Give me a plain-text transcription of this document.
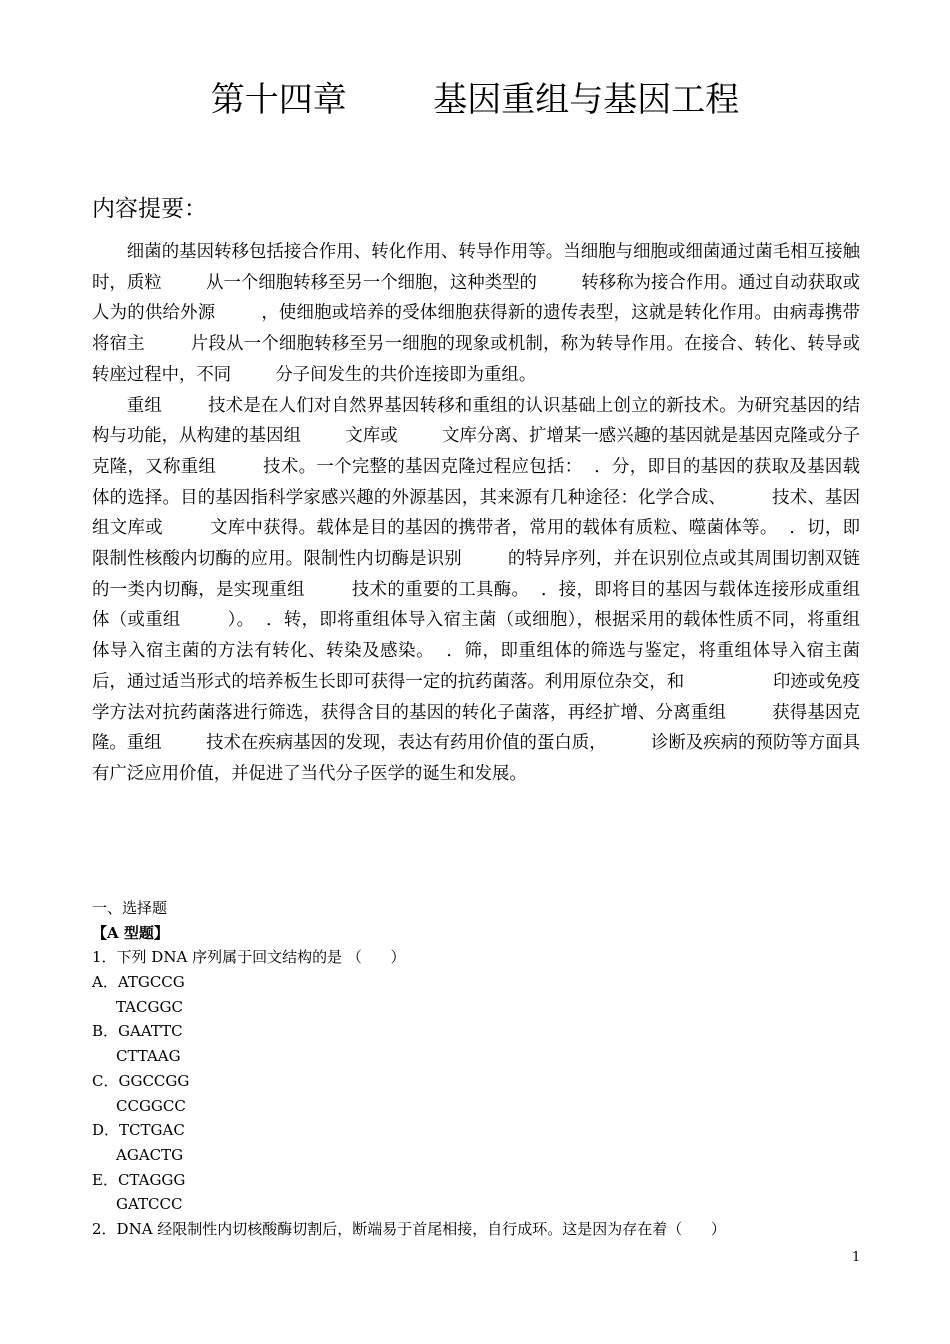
第十四章        基因重组与基因工程
内容提要：

细菌的基因转移包括接合作用、转化作用、转导作用等。当细胞与细胞或细菌通过菌毛相互接触时，质粒        从一个细胞转移至另一个细胞，这种类型的        转移称为接合作用。通过自动获取或人为的供给外源        ，使细胞或培养的受体细胞获得新的遗传表型，这就是转化作用。由病毒携带将宿主        片段从一个细胞转移至另一细胞的现象或机制，称为转导作用。在接合、转化、转导或转座过程中，不同        分子间发生的共价连接即为重组。

重组        技术是在人们对自然界基因转移和重组的认识基础上创立的新技术。为研究基因的结构与功能，从构建的基因组        文库或        文库分离、扩增某一感兴趣的基因就是基因克隆或分子克隆，又称重组        技术。一个完整的基因克隆过程应包括：  ．分，即目的基因的获取及基因载体的选择。目的基因指科学家感兴趣的外源基因，其来源有几种途径：化学合成、        技术、基因组文库或        文库中获得。载体是目的基因的携带者，常用的载体有质粒、噬菌体等。  ．切，即限制性核酸内切酶的应用。限制性内切酶是识别        的特异序列，并在识别位点或其周围切割双链        的一类内切酶，是实现重组        技术的重要的工具酶。  ．接，即将目的基因与载体连接形成重组体（或重组        ）。  ．转，即将重组体导入宿主菌（或细胞），根据采用的载体性质不同，将重组体导入宿主菌的方法有转化、转染及感染。  ．筛，即重组体的筛选与鉴定，将重组体导入宿主菌后，通过适当形式的培养板生长即可获得一定的抗药菌落。利用原位杂交，和                印迹或免疫学方法对抗药菌落进行筛选，获得含目的基因的转化子菌落，再经扩增、分离重组        获得基因克隆。重组        技术在疾病基因的发现，表达有药用价值的蛋白质，        诊断及疾病的预防等方面具有广泛应用价值，并促进了当代分子医学的诞生和发展。

一、选择题
【A 型题】
1．下列 DNA 序列属于回文结构的是 （      ）
A．ATGCCG
TACGGC
B．GAATTC
CTTAAG
C．GGCCGG
CCGGCC
D．TCTGAC
AGACTG
E．CTAGGG
GATCCC
2．DNA 经限制性内切核酸酶切割后，断端易于首尾相接，自行成环。这是因为存在着（      ）
1
